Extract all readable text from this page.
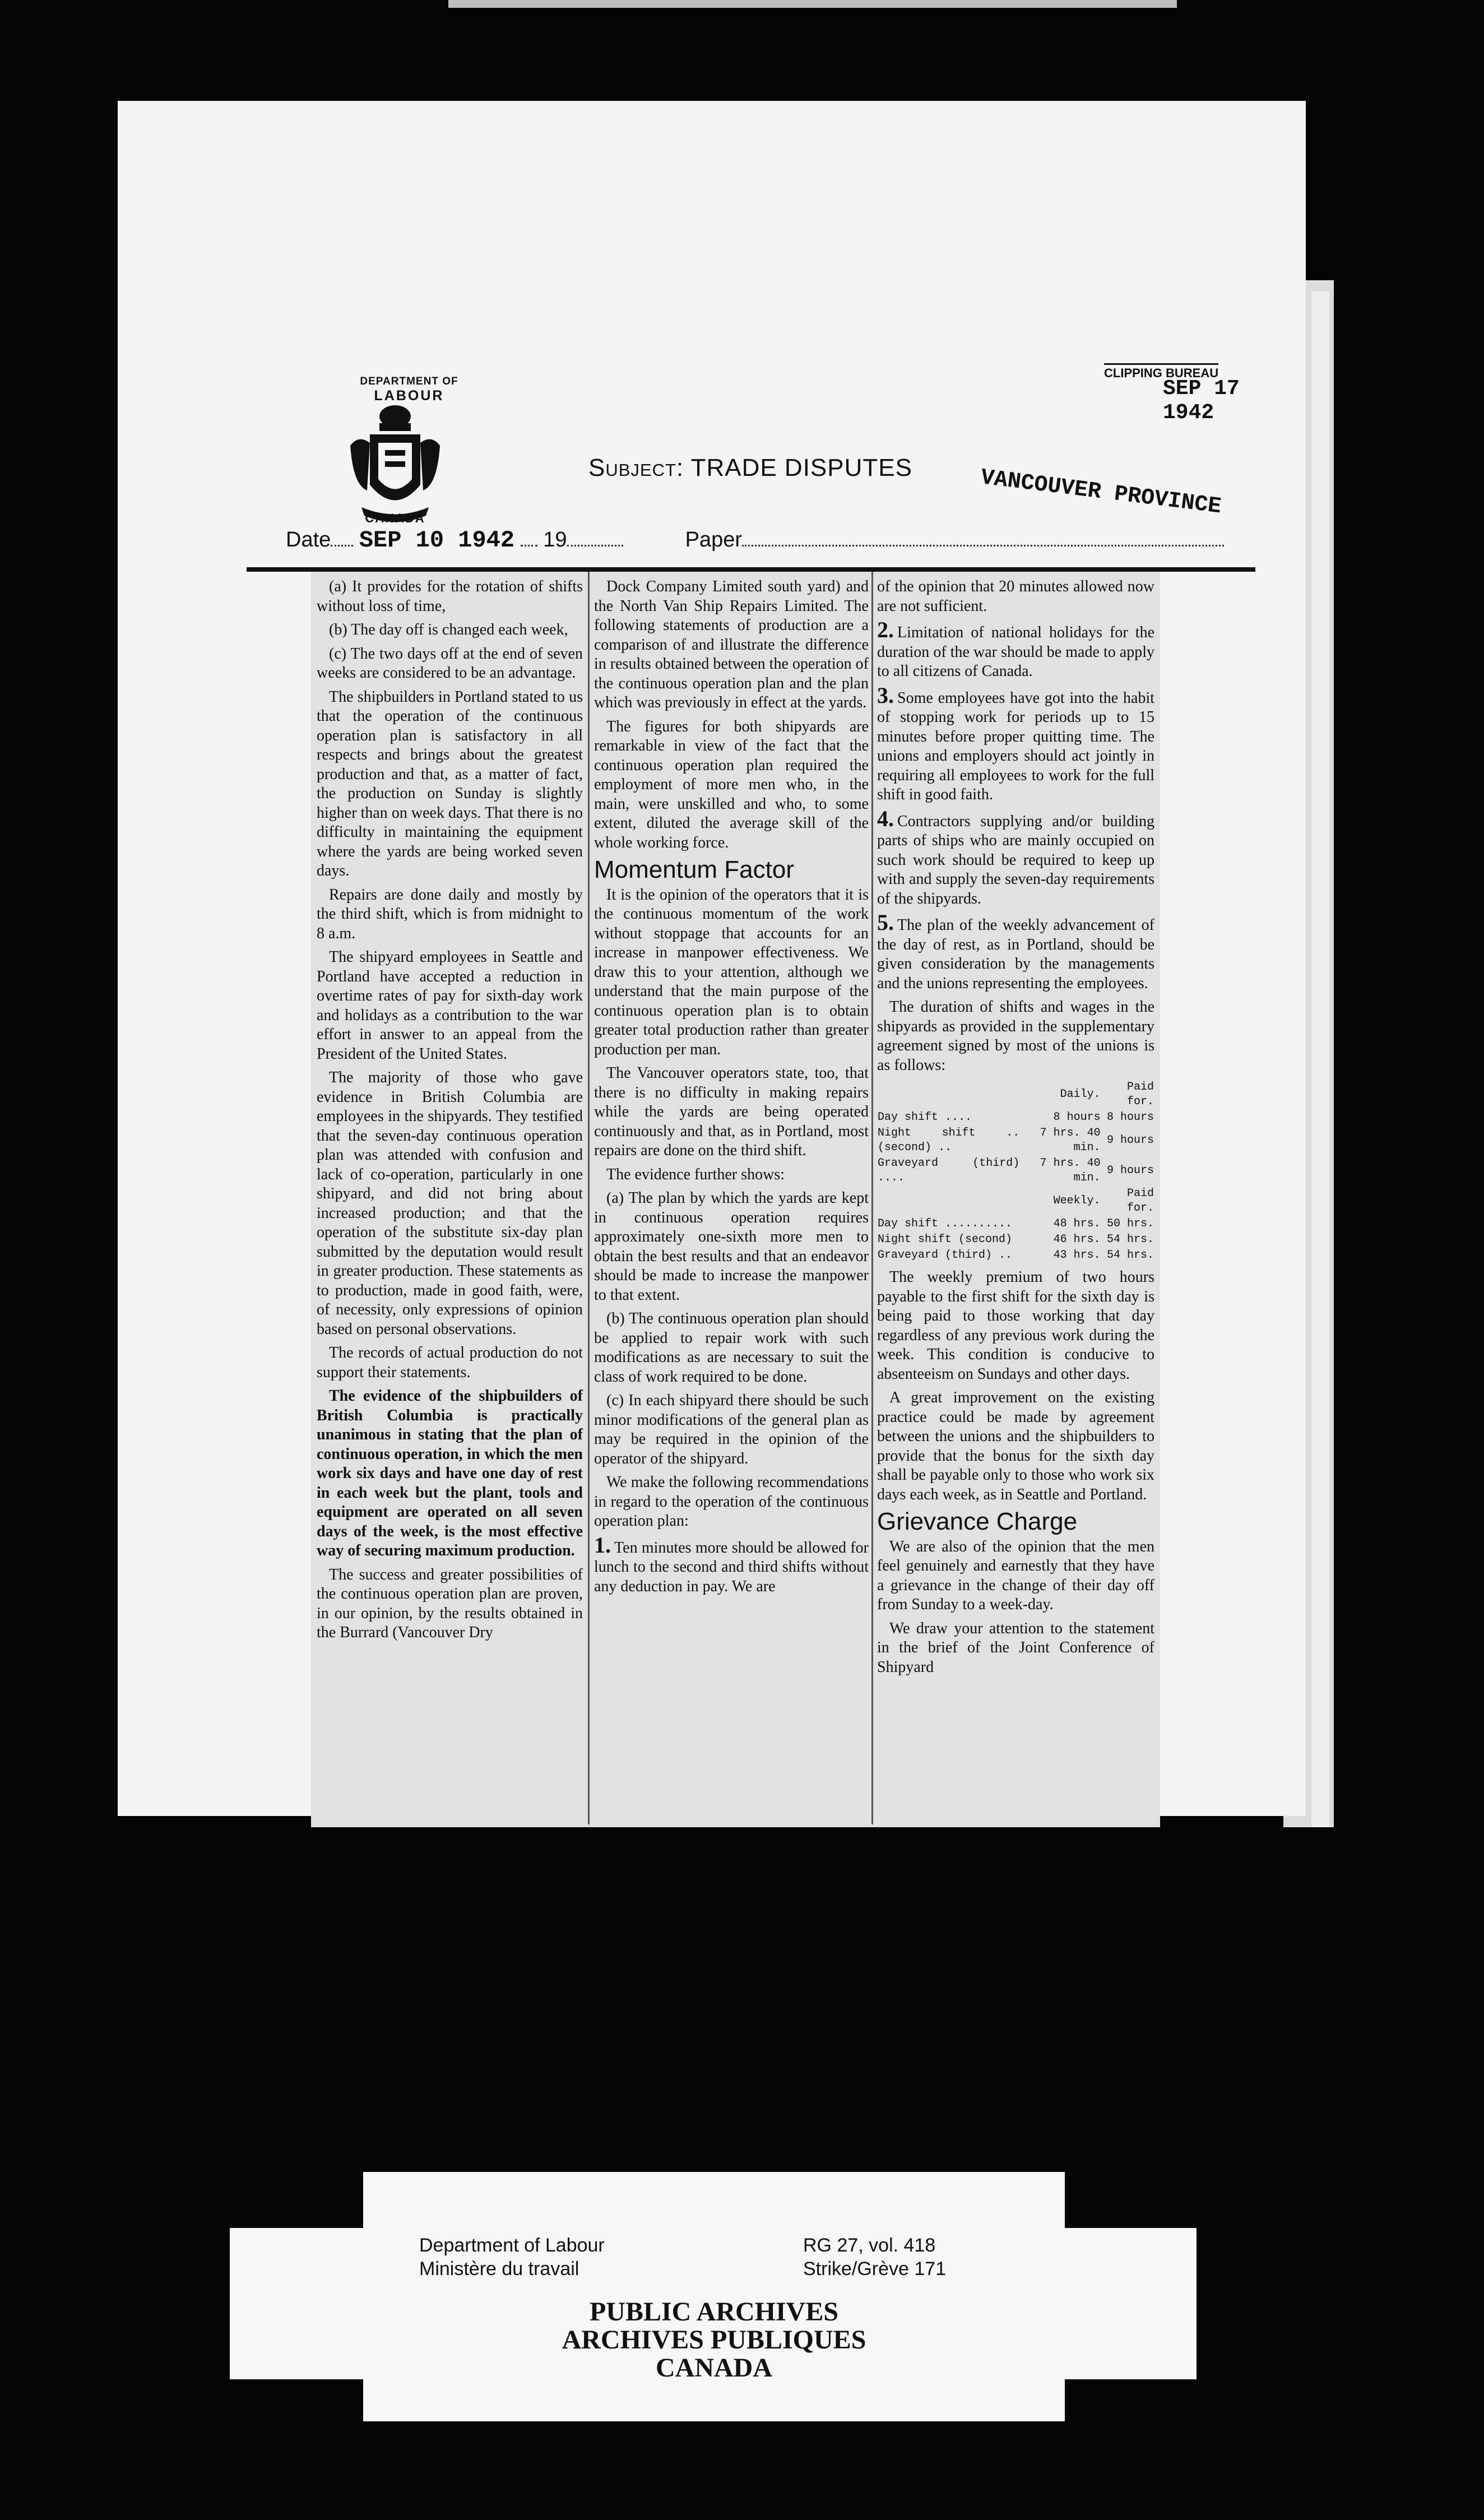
DEPARTMENT OF
LABOUR
CANADA
Subject: TRADE DISPUTES
CLIPPING BUREAU
SEP 17 1942
VANCOUVER PROVINCE
Date SEP 10 1942 19	Paper

(a) It provides for the rotation of shifts without loss of time,

(b) The day off is changed each week,

(c) The two days off at the end of seven weeks are considered to be an advantage.

The shipbuilders in Portland stated to us that the operation of the continuous operation plan is satisfactory in all respects and brings about the greatest production and that, as a matter of fact, the production on Sunday is slightly higher than on week days. That there is no difficulty in maintaining the equipment where the yards are being worked seven days.

Repairs are done daily and mostly by the third shift, which is from midnight to 8 a.m.

The shipyard employees in Seattle and Portland have accepted a reduction in overtime rates of pay for sixth-day work and holidays as a contribution to the war effort in answer to an appeal from the President of the United States.

The majority of those who gave evidence in British Columbia are employees in the shipyards. They testified that the seven-day continuous operation plan was attended with confusion and lack of co-operation, particularly in one shipyard, and did not bring about increased production; and that the operation of the substitute six-day plan submitted by the deputation would result in greater production. These statements as to production, made in good faith, were, of necessity, only expressions of opinion based on personal observations.

The records of actual production do not support their statements.

The evidence of the shipbuilders of British Columbia is practically unanimous in stating that the plan of continuous operation, in which the men work six days and have one day of rest in each week but the plant, tools and equipment are operated on all seven days of the week, is the most effective way of securing maximum production.

The success and greater possibilities of the continuous operation plan are proven, in our opinion, by the results obtained in the Burrard (Vancouver Dry

Dock Company Limited south yard) and the North Van Ship Repairs Limited. The following statements of production are a comparison of and illustrate the difference in results obtained between the operation of the continuous operation plan and the plan which was previously in effect at the yards.

The figures for both shipyards are remarkable in view of the fact that the continuous operation plan required the employment of more men who, in the main, were unskilled and who, to some extent, diluted the average skill of the whole working force.

Momentum Factor

It is the opinion of the operators that it is the continuous momentum of the work without stoppage that accounts for an increase in manpower effectiveness. We draw this to your attention, although we understand that the main purpose of the continuous operation plan is to obtain greater total production rather than greater production per man.

The Vancouver operators state, too, that there is no difficulty in making repairs while the yards are being operated continuously and that, as in Portland, most repairs are done on the third shift.

The evidence further shows:

(a) The plan by which the yards are kept in continuous operation requires approximately one-sixth more men to obtain the best results and that an endeavor should be made to increase the manpower to that extent.

(b) The continuous operation plan should be applied to repair work with such modifications as are necessary to suit the class of work required to be done.

(c) In each shipyard there should be such minor modifications of the general plan as may be required in the opinion of the operator of the shipyard.

We make the following recommendations in regard to the operation of the continuous operation plan:

1. Ten minutes more should be allowed for lunch to the second and third shifts without any deduction in pay. We are

of the opinion that 20 minutes allowed now are not sufficient.

2. Limitation of national holidays for the duration of the war should be made to apply to all citizens of Canada.

3. Some employees have got into the habit of stopping work for periods up to 15 minutes before proper quitting time. The unions and employers should act jointly in requiring all employees to work for the full shift in good faith.

4. Contractors supplying and/or building parts of ships who are mainly occupied on such work should be required to keep up with and supply the seven-day requirements of the shipyards.

5. The plan of the weekly advancement of the day of rest, as in Portland, should be given consideration by the managements and the unions representing the employees.

The duration of shifts and wages in the shipyards as provided in the supplementary agreement signed by most of the unions is as follows:

	Daily.	Paid for.
Day shift ....	8 hours	8 hours
Night shift .. (second) ..	7 hrs. 40 min.	9 hours
Graveyard (third) ....	7 hrs. 40 min.	9 hours
	Weekly.	Paid for.
Day shift ..........	48 hrs.	50 hrs.
Night shift (second)	46 hrs.	54 hrs.
Graveyard (third) ..	43 hrs.	54 hrs.

The weekly premium of two hours payable to the first shift for the sixth day is being paid to those working that day regardless of any previous work during the week. This condition is conducive to absenteeism on Sundays and other days.

A great improvement on the existing practice could be made by agreement between the unions and the shipbuilders to provide that the bonus for the sixth day shall be payable only to those who work six days each week, as in Seattle and Portland.

Grievance Charge

We are also of the opinion that the men feel genuinely and earnestly that they have a grievance in the change of their day off from Sunday to a week-day.

We draw your attention to the statement in the brief of the Joint Conference of Shipyard

Department of Labour
Ministère du travail
RG 27, vol. 418
Strike/Grève 171
PUBLIC ARCHIVES
ARCHIVES PUBLIQUES
CANADA
